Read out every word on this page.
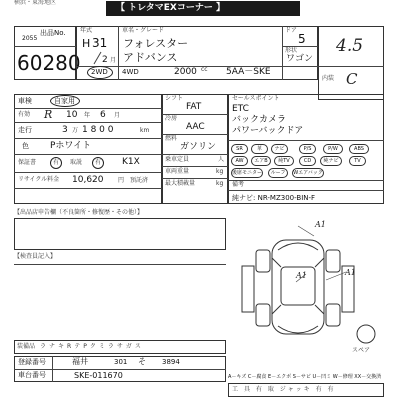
横浜・東海地区
【 トレタマEXコーナー 】
出品No.
2055
60280
年式
H 31
2 月
車名・グレード
フォレスター
アドバンス
ドア
5
形状
ワゴン
2WD 4WD	2000 cc 5AA－SKE
4.5
内装 C
車検	自家用
有効 R 10 年 6 月
走行	3 万 1 8 0 0	km
色 Pホワイト
K1X
保証書	有 取説 有
リサイクル料金 10,620 円 預託済
【出品店申告欄（不良箇所・修復歴・その他）】
シフト
FAT
冷房
AAC
燃料
ガソリン
乗車定員	人
車両重量	kg
最大積載量	kg
セールスポイント
ETC
バックカメラ
パワーバックドア
SR	革	ナビ	P/S	P/W	ABS
AW	エアB	純TV	CD	純ナビ	TV
後席モニター	ルーフ	Wエアバッグ
備考
純ナビ: NR-MZ300-BIN-F
【検査員記入】
A1
A1	A1
スペア
装備品 ラナキRテPクミラサガス
登録番号	福井	301 そ 3894
車台番号	SKE-011670	A－キズ C－腐食 E－エクボ S－サビ U－凹ミ W－修理 XX－交換済
工 具 有 取 ジャッキ 有 有
